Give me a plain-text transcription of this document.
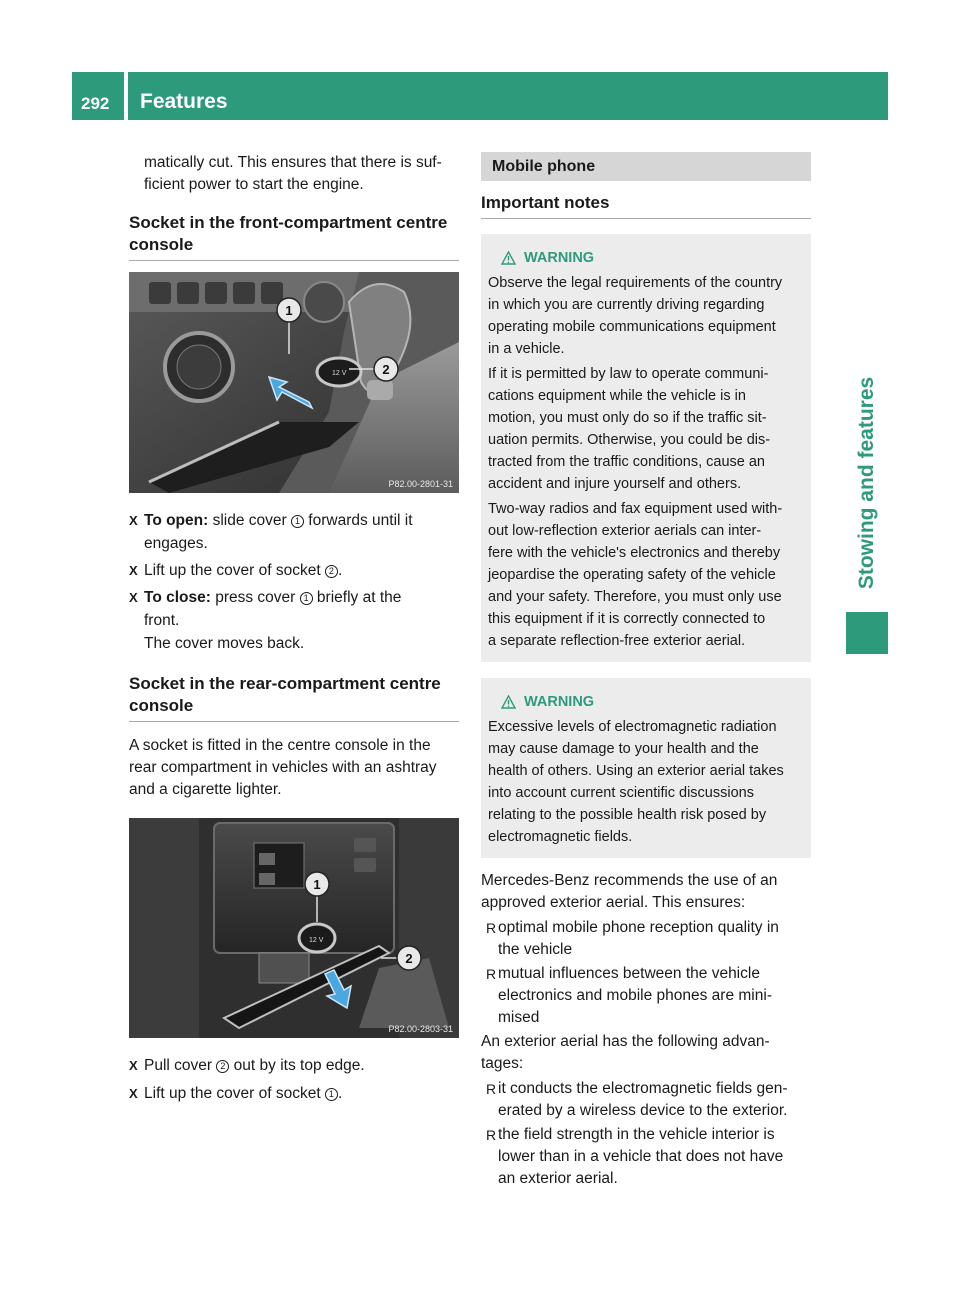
292	Features
Stowing and features

matically cut. This ensures that there is suf-

ficient power to start the engine.

Socket in the front-compartment centre
console
12 V
1
2
P82.00-2801-31
X To open: slide cover 1 forwards until it
engages.
X Lift up the cover of socket 2 .
X To close: press cover 1 briefly at the
front.
The cover moves back.
Socket in the rear-compartment centre
console

A socket is fitted in the centre console in the

rear compartment in vehicles with an ashtray

and a cigarette lighter.

12 V
1
2
P82.00-2803-31
X Pull cover 2 out by its top edge.
X Lift up the cover of socket 1 .
Mobile phone
Important notes
WARNING

Observe the legal requirements of the country
in which you are currently driving regarding
operating mobile communications equipment
in a vehicle.

If it is permitted by law to operate communi-
cations equipment while the vehicle is in
motion, you must only do so if the traffic sit-
uation permits. Otherwise, you could be dis-
tracted from the traffic conditions, cause an
accident and injure yourself and others.

Two-way radios and fax equipment used with-
out low-reflection exterior aerials can inter-
fere with the vehicle's electronics and thereby
jeopardise the operating safety of the vehicle
and your safety. Therefore, you must only use
this equipment if it is correctly connected to
a separate reflection-free exterior aerial.

WARNING

Excessive levels of electromagnetic radiation
may cause damage to your health and the
health of others. Using an exterior aerial takes
into account current scientific discussions
relating to the possible health risk posed by
electromagnetic fields.

Mercedes-Benz recommends the use of an

approved exterior aerial. This ensures:

R optimal mobile phone reception quality in
the vehicle
R mutual influences between the vehicle
electronics and mobile phones are mini-
mised

An exterior aerial has the following advan-

tages:

R it conducts the electromagnetic fields gen-
erated by a wireless device to the exterior.
R the field strength in the vehicle interior is
lower than in a vehicle that does not have
an exterior aerial.
